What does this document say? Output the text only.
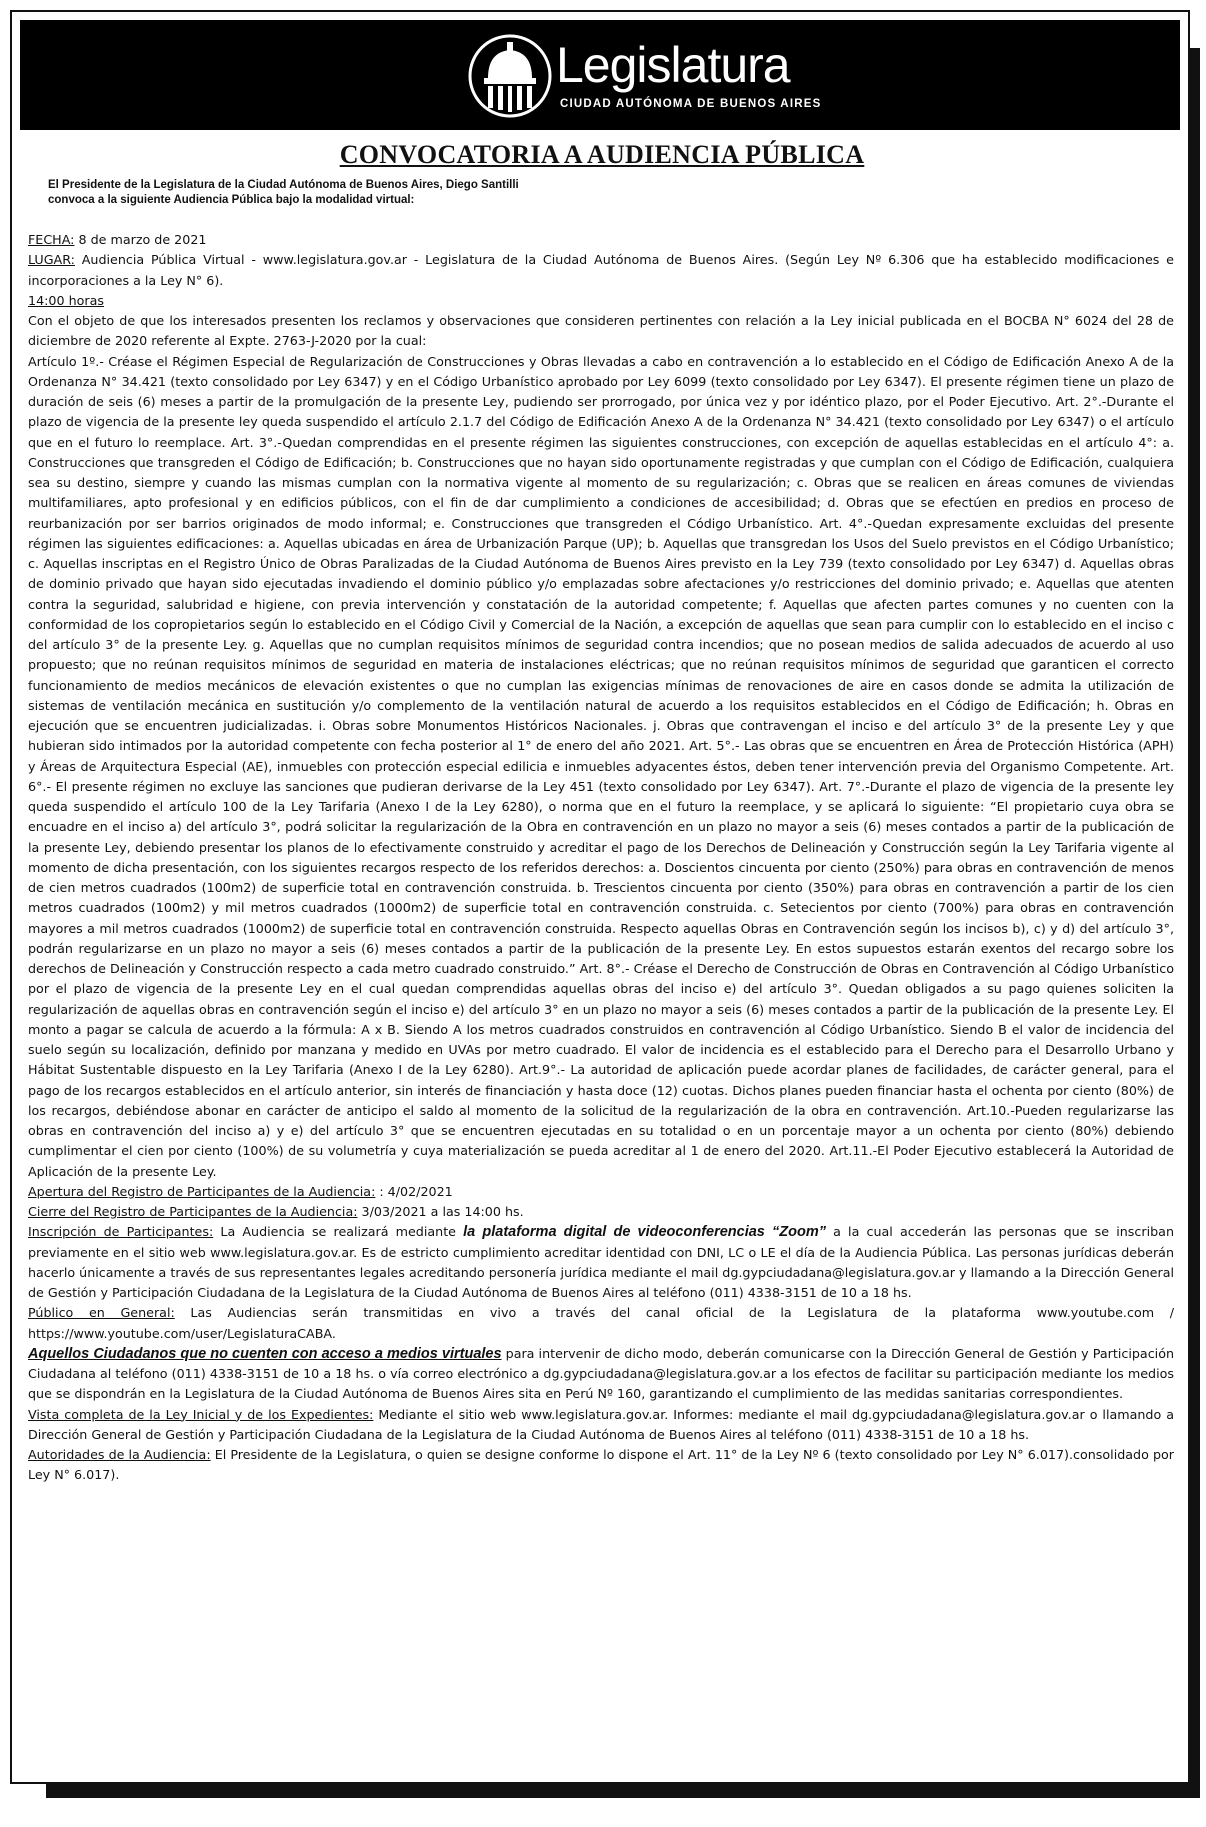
Legislatura
CIUDAD AUTÓNOMA DE BUENOS AIRES
CONVOCATORIA A AUDIENCIA PÚBLICA
El Presidente de la Legislatura de la Ciudad Autónoma de Buenos Aires, Diego Santilli
convoca a la siguiente Audiencia Pública bajo la modalidad virtual:

FECHA: 8 de marzo de 2021

LUGAR: Audiencia Pública Virtual - www.legislatura.gov.ar - Legislatura de la Ciudad Autónoma de Buenos Aires. (Según Ley Nº 6.306 que ha establecido modificaciones e incorporaciones a la Ley N° 6).

14:00 horas

Con el objeto de que los interesados presenten los reclamos y observaciones que consideren pertinentes con relación a la Ley inicial publicada en el BOCBA N° 6024 del 28 de diciembre de 2020 referente al Expte. 2763-J-2020 por la cual:

Artículo 1º.- Créase el Régimen Especial de Regularización de Construcciones y Obras llevadas a cabo en contravención a lo establecido en el Código de Edificación Anexo A de la Ordenanza N° 34.421 (texto consolidado por Ley 6347) y en el Código Urbanístico aprobado por Ley 6099 (texto consolidado por Ley 6347). El presente régimen tiene un plazo de duración de seis (6) meses a partir de la promulgación de la presente Ley, pudiendo ser prorrogado, por única vez y por idéntico plazo, por el Poder Ejecutivo. Art. 2°.-Durante el plazo de vigencia de la presente ley queda suspendido el artículo 2.1.7 del Código de Edificación Anexo A de la Ordenanza N° 34.421 (texto consolidado por Ley 6347) o el artículo que en el futuro lo reemplace. Art. 3°.-Quedan comprendidas en el presente régimen las siguientes construcciones, con excepción de aquellas establecidas en el artículo 4°: a. Construcciones que transgreden el Código de Edificación; b. Construcciones que no hayan sido oportunamente registradas y que cumplan con el Código de Edificación, cualquiera sea su destino, siempre y cuando las mismas cumplan con la normativa vigente al momento de su regularización; c. Obras que se realicen en áreas comunes de viviendas multifamiliares, apto profesional y en edificios públicos, con el fin de dar cumplimiento a condiciones de accesibilidad; d. Obras que se efectúen en predios en proceso de reurbanización por ser barrios originados de modo informal; e. Construcciones que transgreden el Código Urbanístico. Art. 4°.-Quedan expresamente excluidas del presente régimen las siguientes edificaciones: a. Aquellas ubicadas en área de Urbanización Parque (UP); b. Aquellas que transgredan los Usos del Suelo previstos en el Código Urbanístico; c. Aquellas inscriptas en el Registro Único de Obras Paralizadas de la Ciudad Autónoma de Buenos Aires previsto en la Ley 739 (texto consolidado por Ley 6347) d. Aquellas obras de dominio privado que hayan sido ejecutadas invadiendo el dominio público y/o emplazadas sobre afectaciones y/o restricciones del dominio privado; e. Aquellas que atenten contra la seguridad, salubridad e higiene, con previa intervención y constatación de la autoridad competente; f. Aquellas que afecten partes comunes y no cuenten con la conformidad de los copropietarios según lo establecido en el Código Civil y Comercial de la Nación, a excepción de aquellas que sean para cumplir con lo establecido en el inciso c del artículo 3° de la presente Ley. g. Aquellas que no cumplan requisitos mínimos de seguridad contra incendios; que no posean medios de salida adecuados de acuerdo al uso propuesto; que no reúnan requisitos mínimos de seguridad en materia de instalaciones eléctricas; que no reúnan requisitos mínimos de seguridad que garanticen el correcto funcionamiento de medios mecánicos de elevación existentes o que no cumplan las exigencias mínimas de renovaciones de aire en casos donde se admita la utilización de sistemas de ventilación mecánica en sustitución y/o complemento de la ventilación natural de acuerdo a los requisitos establecidos en el Código de Edificación; h. Obras en ejecución que se encuentren judicializadas. i. Obras sobre Monumentos Históricos Nacionales. j. Obras que contravengan el inciso e del artículo 3° de la presente Ley y que hubieran sido intimados por la autoridad competente con fecha posterior al 1° de enero del año 2021. Art. 5°.- Las obras que se encuentren en Área de Protección Histórica (APH) y Áreas de Arquitectura Especial (AE), inmuebles con protección especial edilicia e inmuebles adyacentes éstos, deben tener intervención previa del Organismo Competente. Art. 6°.- El presente régimen no excluye las sanciones que pudieran derivarse de la Ley 451 (texto consolidado por Ley 6347). Art. 7°.-Durante el plazo de vigencia de la presente ley queda suspendido el artículo 100 de la Ley Tarifaria (Anexo I de la Ley 6280), o norma que en el futuro la reemplace, y se aplicará lo siguiente: “El propietario cuya obra se encuadre en el inciso a) del artículo 3°, podrá solicitar la regularización de la Obra en contravención en un plazo no mayor a seis (6) meses contados a partir de la publicación de la presente Ley, debiendo presentar los planos de lo efectivamente construido y acreditar el pago de los Derechos de Delineación y Construcción según la Ley Tarifaria vigente al momento de dicha presentación, con los siguientes recargos respecto de los referidos derechos: a. Doscientos cincuenta por ciento (250%) para obras en contravención de menos de cien metros cuadrados (100m2) de superficie total en contravención construida. b. Trescientos cincuenta por ciento (350%) para obras en contravención a partir de los cien metros cuadrados (100m2) y mil metros cuadrados (1000m2) de superficie total en contravención construida. c. Setecientos por ciento (700%) para obras en contravención mayores a mil metros cuadrados (1000m2) de superficie total en contravención construida. Respecto aquellas Obras en Contravención según los incisos b), c) y d) del artículo 3°, podrán regularizarse en un plazo no mayor a seis (6) meses contados a partir de la publicación de la presente Ley. En estos supuestos estarán exentos del recargo sobre los derechos de Delineación y Construcción respecto a cada metro cuadrado construido.” Art. 8°.- Créase el Derecho de Construcción de Obras en Contravención al Código Urbanístico por el plazo de vigencia de la presente Ley en el cual quedan comprendidas aquellas obras del inciso e) del artículo 3°. Quedan obligados a su pago quienes soliciten la regularización de aquellas obras en contravención según el inciso e) del artículo 3° en un plazo no mayor a seis (6) meses contados a partir de la publicación de la presente Ley. El monto a pagar se calcula de acuerdo a la fórmula: A x B. Siendo A los metros cuadrados construidos en contravención al Código Urbanístico. Siendo B el valor de incidencia del suelo según su localización, definido por manzana y medido en UVAs por metro cuadrado. El valor de incidencia es el establecido para el Derecho para el Desarrollo Urbano y Hábitat Sustentable dispuesto en la Ley Tarifaria (Anexo I de la Ley 6280). Art.9°.- La autoridad de aplicación puede acordar planes de facilidades, de carácter general, para el pago de los recargos establecidos en el artículo anterior, sin interés de financiación y hasta doce (12) cuotas. Dichos planes pueden financiar hasta el ochenta por ciento (80%) de los recargos, debiéndose abonar en carácter de anticipo el saldo al momento de la solicitud de la regularización de la obra en contravención. Art.10.-Pueden regularizarse las obras en contravención del inciso a) y e) del artículo 3° que se encuentren ejecutadas en su totalidad o en un porcentaje mayor a un ochenta por ciento (80%) debiendo cumplimentar el cien por ciento (100%) de su volumetría y cuya materialización se pueda acreditar al 1 de enero del 2020. Art.11.-El Poder Ejecutivo establecerá la Autoridad de Aplicación de la presente Ley.

Apertura del Registro de Participantes de la Audiencia: : 4/02/2021

Cierre del Registro de Participantes de la Audiencia: 3/03/2021 a las 14:00 hs.

Inscripción de Participantes: La Audiencia se realizará mediante la plataforma digital de videoconferencias “Zoom” a la cual accederán las personas que se inscriban previamente en el sitio web www.legislatura.gov.ar. Es de estricto cumplimiento acreditar identidad con DNI, LC o LE el día de la Audiencia Pública. Las personas jurídicas deberán hacerlo únicamente a través de sus representantes legales acreditando personería jurídica mediante el mail dg.gypciudadana@legislatura.gov.ar y llamando a la Dirección General de Gestión y Participación Ciudadana de la Legislatura de la Ciudad Autónoma de Buenos Aires al teléfono (011) 4338-3151 de 10 a 18 hs.

Público en General: Las Audiencias serán transmitidas en vivo a través del canal oficial de la Legislatura de la plataforma www.youtube.com / https://www.youtube.com/user/LegislaturaCABA.

Aquellos Ciudadanos que no cuenten con acceso a medios virtuales para intervenir de dicho modo, deberán comunicarse con la Dirección General de Gestión y Participación Ciudadana al teléfono (011) 4338-3151 de 10 a 18 hs. o vía correo electrónico a dg.gypciudadana@legislatura.gov.ar a los efectos de facilitar su participación mediante los medios que se dispondrán en la Legislatura de la Ciudad Autónoma de Buenos Aires sita en Perú Nº 160, garantizando el cumplimiento de las medidas sanitarias correspondientes.

Vista completa de la Ley Inicial y de los Expedientes: Mediante el sitio web www.legislatura.gov.ar. Informes: mediante el mail dg.gypciudadana@legislatura.gov.ar o llamando a Dirección General de Gestión y Participación Ciudadana de la Legislatura de la Ciudad Autónoma de Buenos Aires al teléfono (011) 4338-3151 de 10 a 18 hs.

Autoridades de la Audiencia: El Presidente de la Legislatura, o quien se designe conforme lo dispone el Art. 11° de la Ley Nº 6 (texto consolidado por Ley N° 6.017).consolidado por Ley N° 6.017).
